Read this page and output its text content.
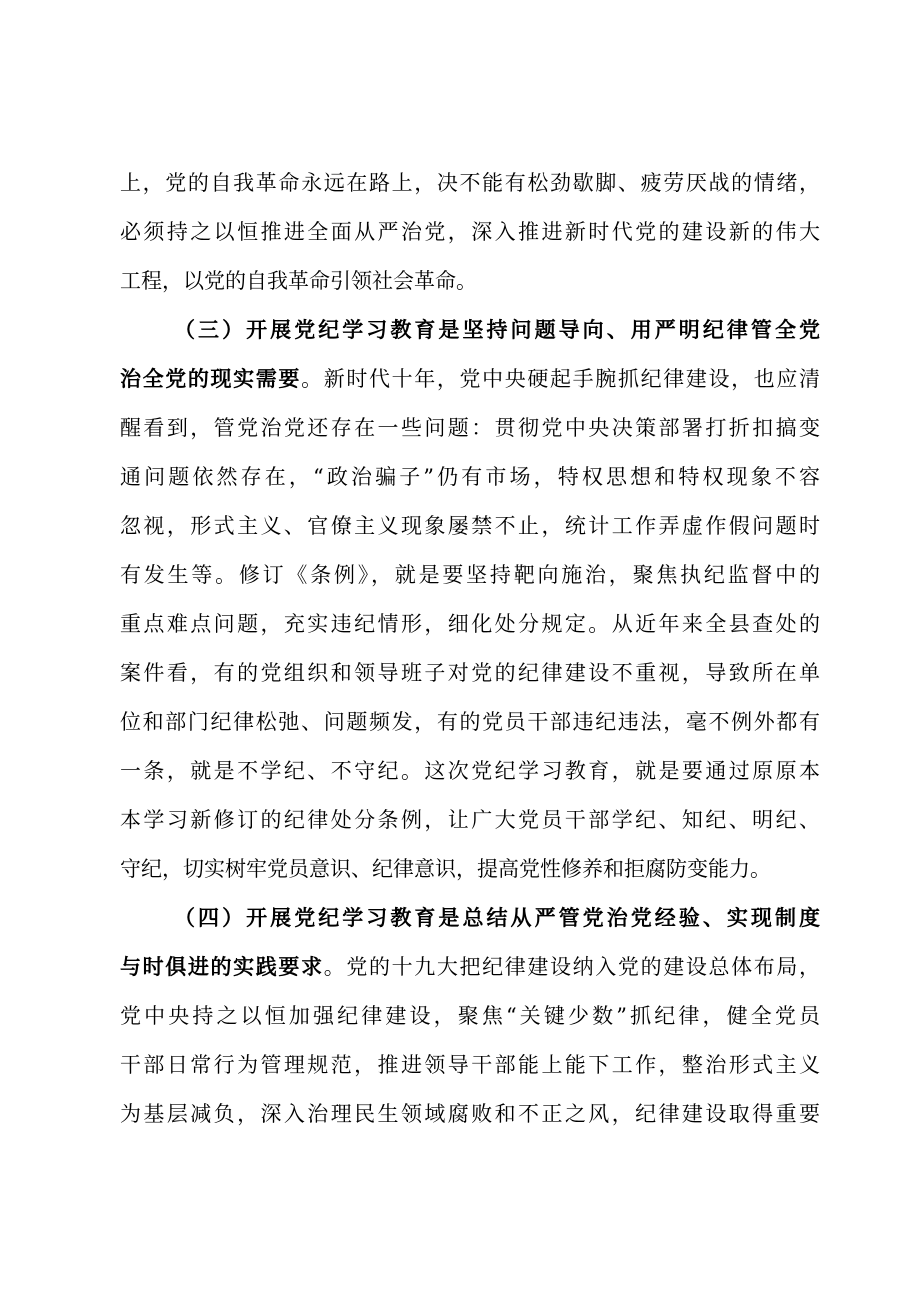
上，党的自我革命永远在路上，决不能有松劲歇脚、疲劳厌战的情绪，
必须持之以恒推进全面从严治党，深入推进新时代党的建设新的伟大
工程，以党的自我革命引领社会革命。
（三）开展党纪学习教育是坚持问题导向、用严明纪律管全党
治全党的现实需要。新时代十年，党中央硬起手腕抓纪律建设，也应清
醒看到，管党治党还存在一些问题：贯彻党中央决策部署打折扣搞变
通问题依然存在，“政治骗子”仍有市场，特权思想和特权现象不容
忽视，形式主义、官僚主义现象屡禁不止，统计工作弄虚作假问题时
有发生等。修订《条例》，就是要坚持靶向施治，聚焦执纪监督中的
重点难点问题，充实违纪情形，细化处分规定。从近年来全县查处的
案件看，有的党组织和领导班子对党的纪律建设不重视，导致所在单
位和部门纪律松弛、问题频发，有的党员干部违纪违法，毫不例外都有
一条，就是不学纪、不守纪。这次党纪学习教育，就是要通过原原本
本学习新修订的纪律处分条例，让广大党员干部学纪、知纪、明纪、
守纪，切实树牢党员意识、纪律意识，提高党性修养和拒腐防变能力。
（四）开展党纪学习教育是总结从严管党治党经验、实现制度
与时俱进的实践要求。党的十九大把纪律建设纳入党的建设总体布局，
党中央持之以恒加强纪律建设，聚焦“关键少数”抓纪律，健全党员
干部日常行为管理规范，推进领导干部能上能下工作，整治形式主义
为基层减负，深入治理民生领域腐败和不正之风，纪律建设取得重要
